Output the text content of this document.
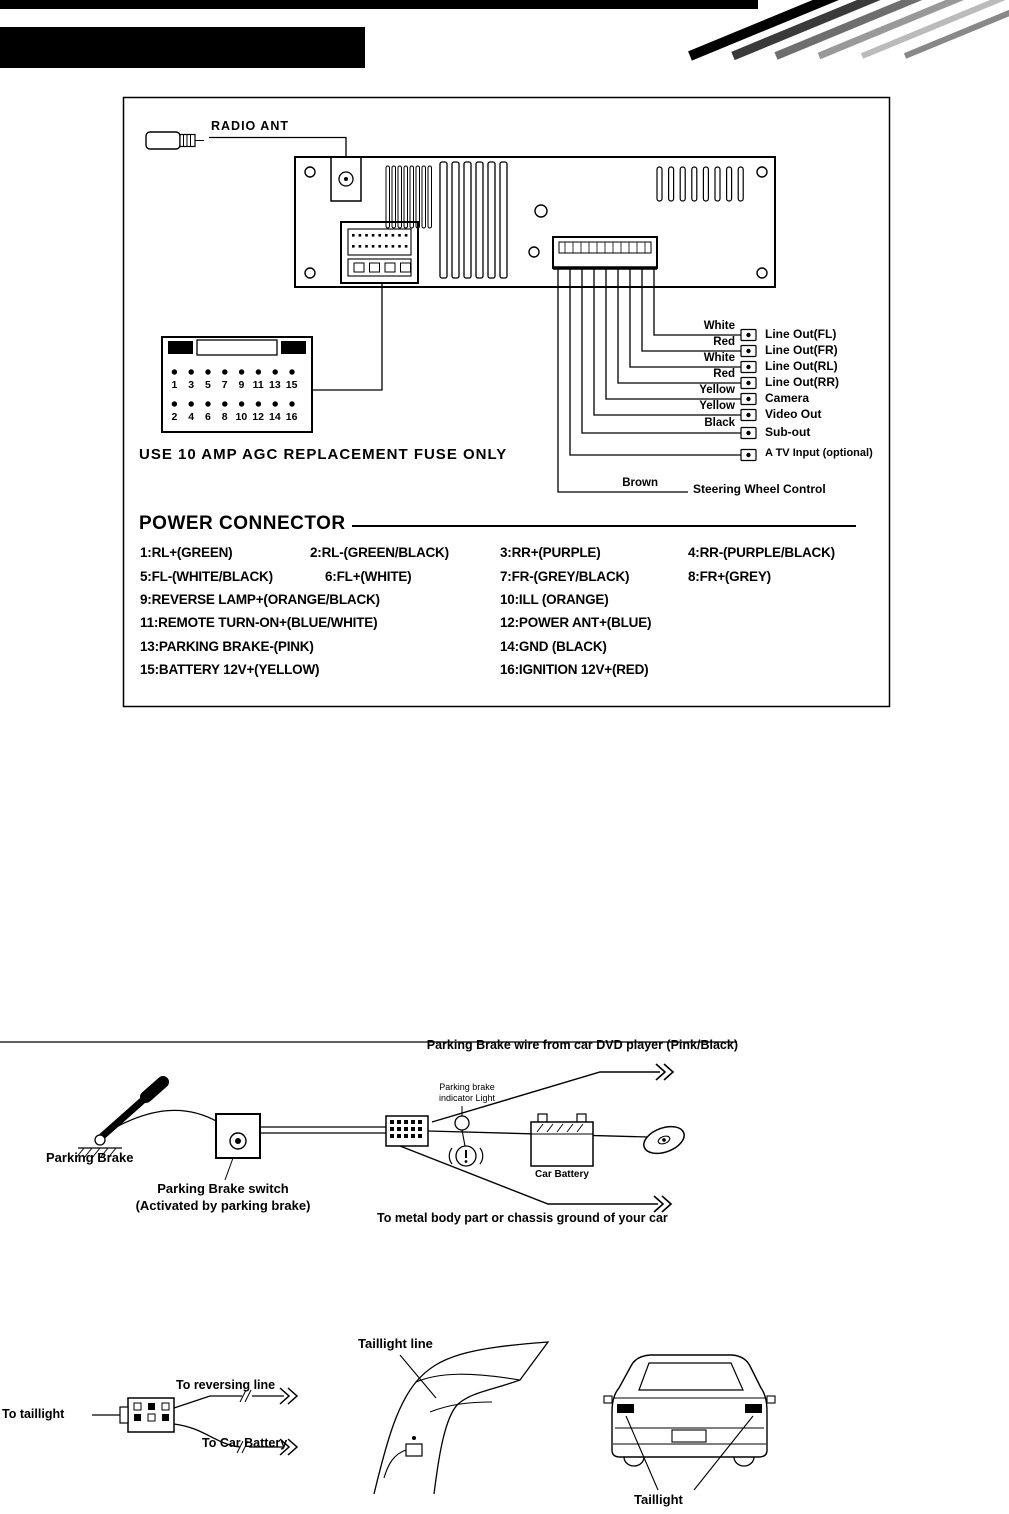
RADIO ANT
White
Red
White
Red
Yellow
Yellow
Black
Brown
Line Out(FL)
Line Out(FR)
Line Out(RL)
Line Out(RR)
Camera
Video Out
Sub-out
A TV Input (optional)
Steering Wheel Control
1	3	5	7	9 11 13 15
2	4	6	8 10 12 14 16
USE 10 AMP AGC REPLACEMENT FUSE ONLY
POWER CONNECTOR
1:RL+(GREEN)	2:RL-(GREEN/BLACK)	3:RR+(PURPLE)	4:RR-(PURPLE/BLACK)
5:FL-(WHITE/BLACK)	6:FL+(WHITE)	7:FR-(GREY/BLACK)	8:FR+(GREY)
9:REVERSE LAMP+(ORANGE/BLACK)	10:ILL (ORANGE)
11:REMOTE TURN-ON+(BLUE/WHITE)	12:POWER ANT+(BLUE)
13:PARKING BRAKE-(PINK)	14:GND (BLACK)
15:BATTERY 12V+(YELLOW)	16:IGNITION 12V+(RED)
Parking Brake wire from car DVD player (Pink/Black)
Parking brake
indicator Light
Parking Brake
Parking Brake switch
(Activated by parking brake)
Car Battery
To metal body part or chassis ground of your car
Taillight line
To reversing line
To taillight
To Car Battery
Taillight
